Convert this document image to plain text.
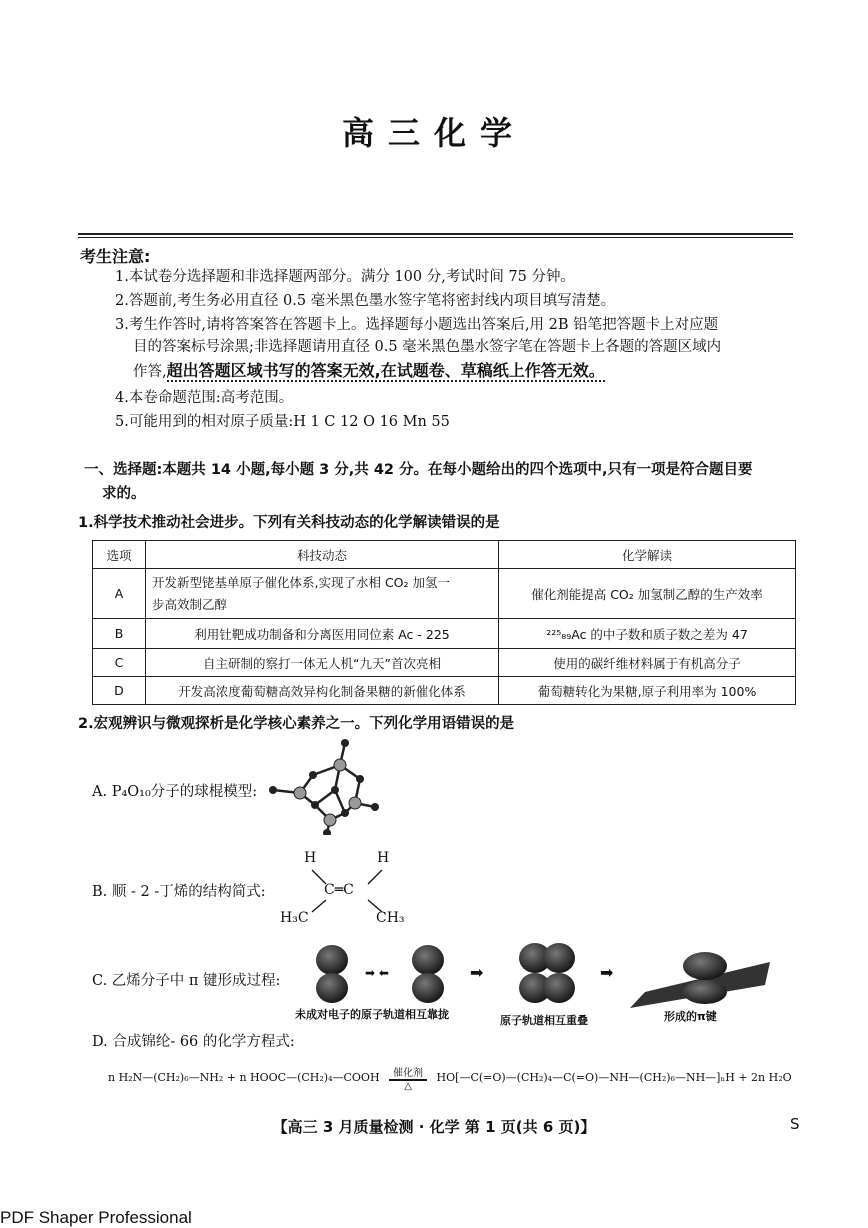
高三化学
考生注意:
1.本试卷分选择题和非选择题两部分。满分 100 分,考试时间 75 分钟。
2.答题前,考生务必用直径 0.5 毫米黑色墨水签字笔将密封线内项目填写清楚。
3.考生作答时,请将答案答在答题卡上。选择题每小题选出答案后,用 2B 铅笔把答题卡上对应题
目的答案标号涂黑;非选择题请用直径 0.5 毫米黑色墨水签字笔在答题卡上各题的答题区域内
作答,超出答题区域书写的答案无效,在试题卷、草稿纸上作答无效。
4.本卷命题范围:高考范围。
5.可能用到的相对原子质量:H 1 C 12 O 16 Mn 55
一、选择题:本题共 14 小题,每小题 3 分,共 42 分。在每小题给出的四个选项中,只有一项是符合题目要
求的。
1.科学技术推动社会进步。下列有关科技动态的化学解读错误的是
选项	科技动态	化学解读
A	开发新型铑基单原子催化体系,实现了水相 CO₂ 加氢一
步高效制乙醇	催化剂能提高 CO₂ 加氢制乙醇的生产效率
B	利用钍靶成功制备和分离医用同位素 Ac - 225	²²⁵₈₉Ac 的中子数和质子数之差为 47
C	自主研制的察打一体无人机“九天”首次亮相	使用的碳纤维材料属于有机高分子
D	开发高浓度葡萄糖高效异构化制备果糖的新催化体系	葡萄糖转化为果糖,原子利用率为 100%
2.宏观辨识与微观探析是化学核心素养之一。下列化学用语错误的是
A. P₄O₁₀分子的球棍模型:
B. 顺 - 2 -丁烯的结构简式:
H	H
C═C
H₃C	CH₃
C. 乙烯分子中 π 键形成过程:	➡ ⬅	➡	➡
未成对电子的原子轨道相互靠拢	原子轨道相互重叠	形成的π键
D. 合成锦纶- 66 的化学方程式:
n H₂N—(CH₂)₆—NH₂ + n HOOC—(CH₂)₄—COOH	催化剂
△
HO[—C(=O)—(CH₂)₄—C(=O)—NH—(CH₂)₆—NH—]ₙH + 2n H₂O
【高三 3 月质量检测 · 化学 第 1 页(共 6 页)】	S
PDF Shaper Professional
